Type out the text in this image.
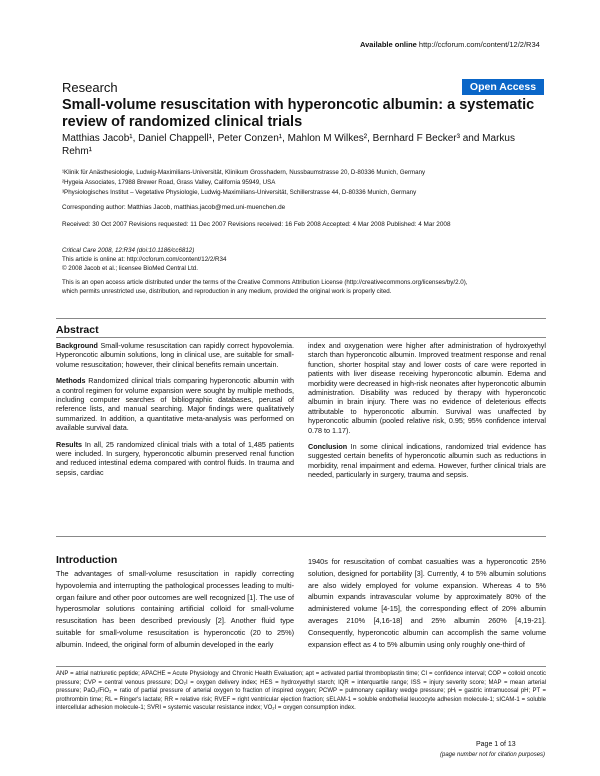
Available online http://ccforum.com/content/12/2/R34
Research	Open Access
Small-volume resuscitation with hyperoncotic albumin: a systematic review of randomized clinical trials
Matthias Jacob¹, Daniel Chappell¹, Peter Conzen¹, Mahlon M Wilkes², Bernhard F Becker³ and Markus Rehm¹
¹Klinik für Anästhesiologie, Ludwig-Maximilians-Universität, Klinikum Grosshadern, Nussbaumstrasse 20, D-80336 Munich, Germany
²Hygeia Associates, 17988 Brewer Road, Grass Valley, California 95949, USA
³Physiologisches Institut – Vegetative Physiologie, Ludwig-Maximilians-Universität, Schillerstrasse 44, D-80336 Munich, Germany
Corresponding author: Matthias Jacob, matthias.jacob@med.uni-muenchen.de
Received: 30 Oct 2007 Revisions requested: 11 Dec 2007 Revisions received: 16 Feb 2008 Accepted: 4 Mar 2008 Published: 4 Mar 2008
Critical Care 2008, 12:R34 (doi:10.1186/cc6812)
This article is online at: http://ccforum.com/content/12/2/R34
© 2008 Jacob et al.; licensee BioMed Central Ltd.
This is an open access article distributed under the terms of the Creative Commons Attribution License (http://creativecommons.org/licenses/by/2.0),
which permits unrestricted use, distribution, and reproduction in any medium, provided the original work is properly cited.
Abstract

Background Small-volume resuscitation can rapidly correct hypovolemia. Hyperoncotic albumin solutions, long in clinical use, are suitable for small-volume resuscitation; however, their clinical benefits remain uncertain.

Methods Randomized clinical trials comparing hyperoncotic albumin with a control regimen for volume expansion were sought by multiple methods, including computer searches of bibliographic databases, perusal of reference lists, and manual searching. Major findings were qualitatively summarized. In addition, a quantitative meta-analysis was performed on available survival data.

Results In all, 25 randomized clinical trials with a total of 1,485 patients were included. In surgery, hyperoncotic albumin preserved renal function and reduced intestinal edema compared with control fluids. In trauma and sepsis, cardiac

index and oxygenation were higher after administration of hydroxyethyl starch than hyperoncotic albumin. Improved treatment response and renal function, shorter hospital stay and lower costs of care were reported in patients with liver disease receiving hyperoncotic albumin. Edema and morbidity were decreased in high-risk neonates after hyperoncotic albumin administration. Disability was reduced by therapy with hyperoncotic albumin in brain injury. There was no evidence of deleterious effects attributable to hyperoncotic albumin. Survival was unaffected by hyperoncotic albumin (pooled relative risk, 0.95; 95% confidence interval 0.78 to 1.17).

Conclusion In some clinical indications, randomized trial evidence has suggested certain benefits of hyperoncotic albumin such as reductions in morbidity, renal impairment and edema. However, further clinical trials are needed, particularly in surgery, trauma and sepsis.

Introduction
The advantages of small-volume resuscitation in rapidly correcting hypovolemia and interrupting the pathological processes leading to multi-organ failure and other poor outcomes are well recognized [1]. The use of hyperosmolar solutions containing artificial colloid for small-volume resuscitation has been described previously [2]. Another fluid type suitable for small-volume resuscitation is hyperoncotic (20 to 25%) albumin. Indeed, the original form of albumin developed in the early
1940s for resuscitation of combat casualties was a hyperoncotic 25% solution, designed for portability [3]. Currently, 4 to 5% albumin solutions are also widely employed for volume expansion. Whereas 4 to 5% albumin expands intravascular volume by approximately 80% of the administered volume [4-15], the corresponding effect of 20% albumin averages 210% [4,16-18] and 25% albumin 260% [4,19-21]. Consequently, hyperoncotic albumin can accomplish the same volume expansion effect as 4 to 5% albumin using only roughly one-third of
ANP = atrial natriuretic peptide; APACHE = Acute Physiology and Chronic Health Evaluation; apt = activated partial thromboplastin time; CI = confidence interval; COP = colloid oncotic pressure; CVP = central venous pressure; DO₂I = oxygen delivery index; HES = hydroxyethyl starch; IQR = interquartile range; ISS = injury severity score; MAP = mean arterial pressure; PaO₂/FiO₂ = ratio of partial pressure of arterial oxygen to fraction of inspired oxygen; PCWP = pulmonary capillary wedge pressure; pHᵢ = gastric intramucosal pH; PT = prothrombin time; RL = Ringer's lactate; RR = relative risk; RVEF = right ventricular ejection fraction; sELAM-1 = soluble endothelial leucocyte adhesion molecule-1; sICAM-1 = soluble intercellular adhesion molecule-1; SVRI = systemic vascular resistance index; VO₂I = oxygen consumption index.
Page 1 of 13
(page number not for citation purposes)
